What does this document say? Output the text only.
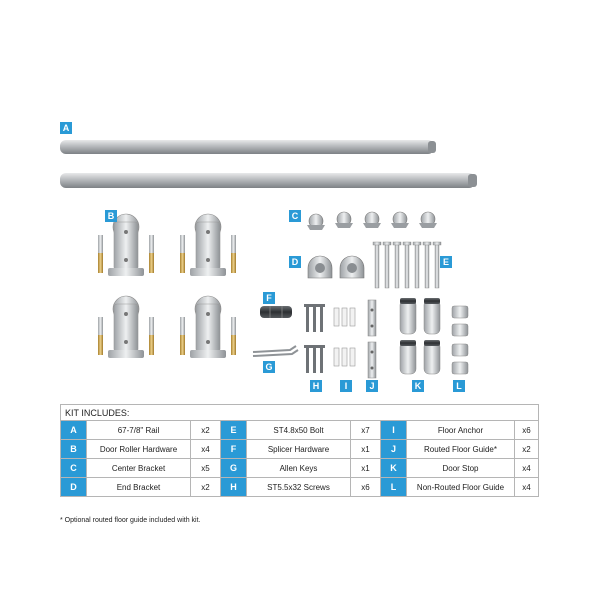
A
B	C
D	E
F
G
H	I	J	K	L
KIT INCLUDES:								
A	67-7/8" Rail	x2	E	ST4.8x50 Bolt	x7	I	Floor Anchor	x6
B	Door Roller Hardware	x4	F	Splicer Hardware	x1	J	Routed Floor Guide*	x2
C	Center Bracket	x5	G	Allen Keys	x1	K	Door Stop	x4
D	End Bracket	x2	H	ST5.5x32 Screws	x6	L	Non-Routed Floor Guide	x4
* Optional routed floor guide included with kit.
